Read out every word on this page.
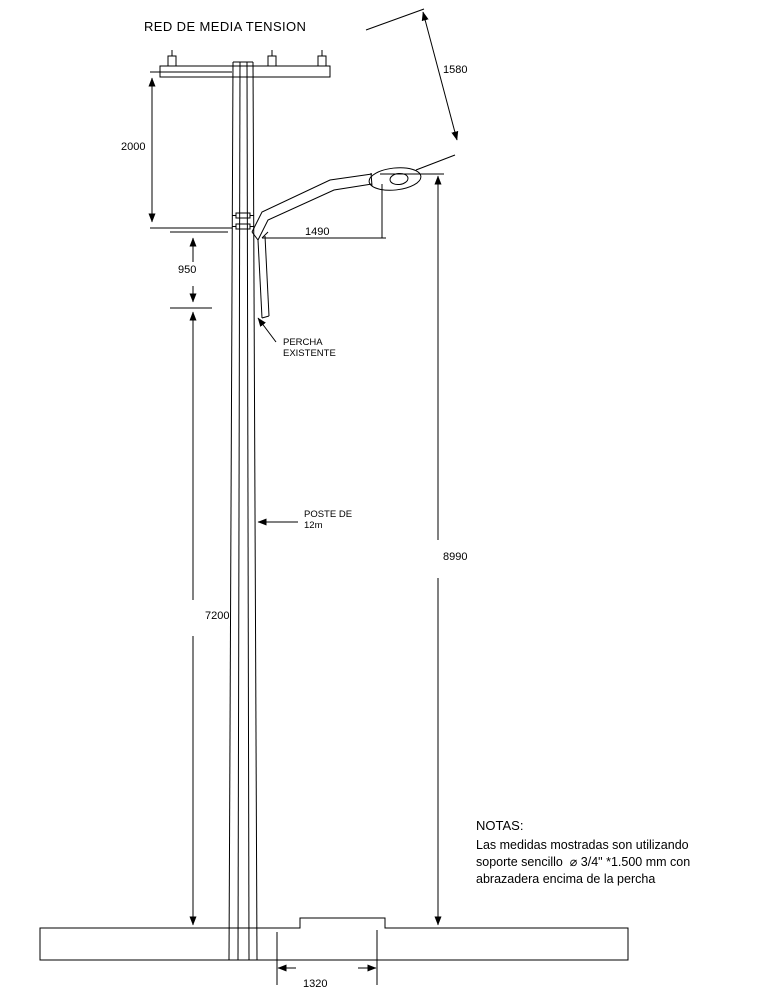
RED DE MEDIA TENSION
1580
2000
1490
950
7200
8990
1320
PERCHA
EXISTENTE
POSTE DE
12m
NOTAS:
Las medidas mostradas son utilizando
soporte sencillo  ⌀ 3/4" *1.500 mm con
abrazadera encima de la percha
